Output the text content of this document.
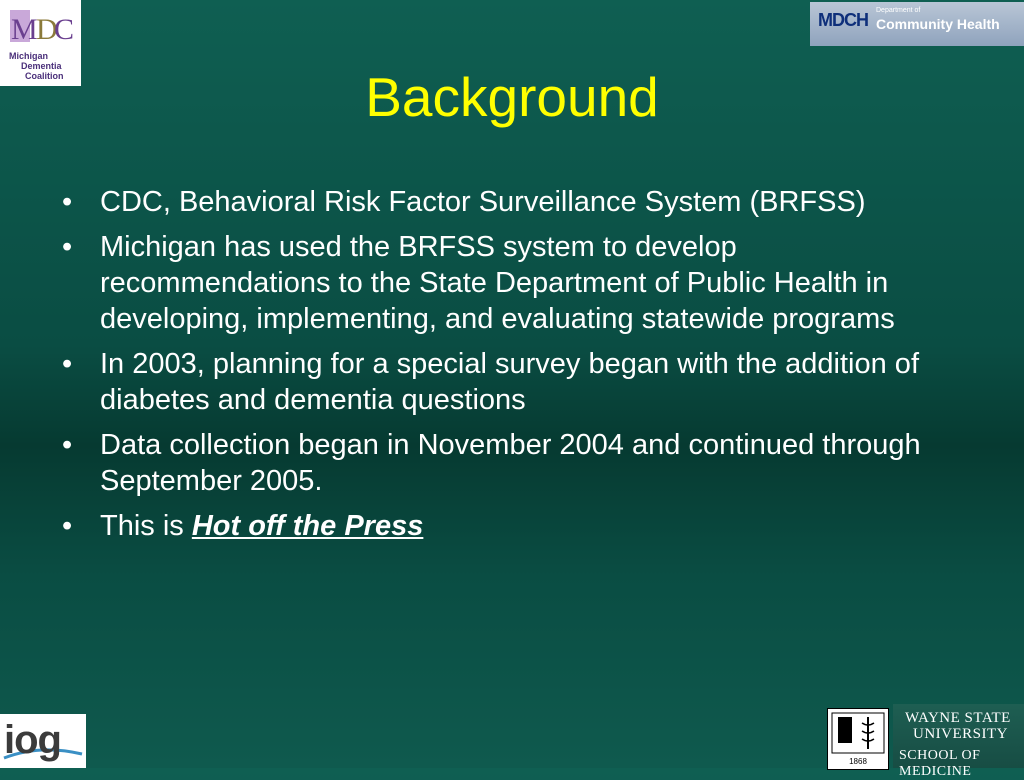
M
D
C
Michigan
Dementia
Coalition
MDCH Department of
Community Health
Background
• CDC, Behavioral Risk Factor Surveillance System (BRFSS)
• Michigan has used the BRFSS system to develop recommendations to the State Department of Public Health in developing, implementing, and evaluating statewide programs
• In 2003, planning for a special survey began with the addition of diabetes and dementia questions
• Data collection began in November 2004 and continued through September 2005.
• This is Hot off the Press
iog	1868
WAYNE STATE
UNIVERSITY
SCHOOL OF MEDICINE
